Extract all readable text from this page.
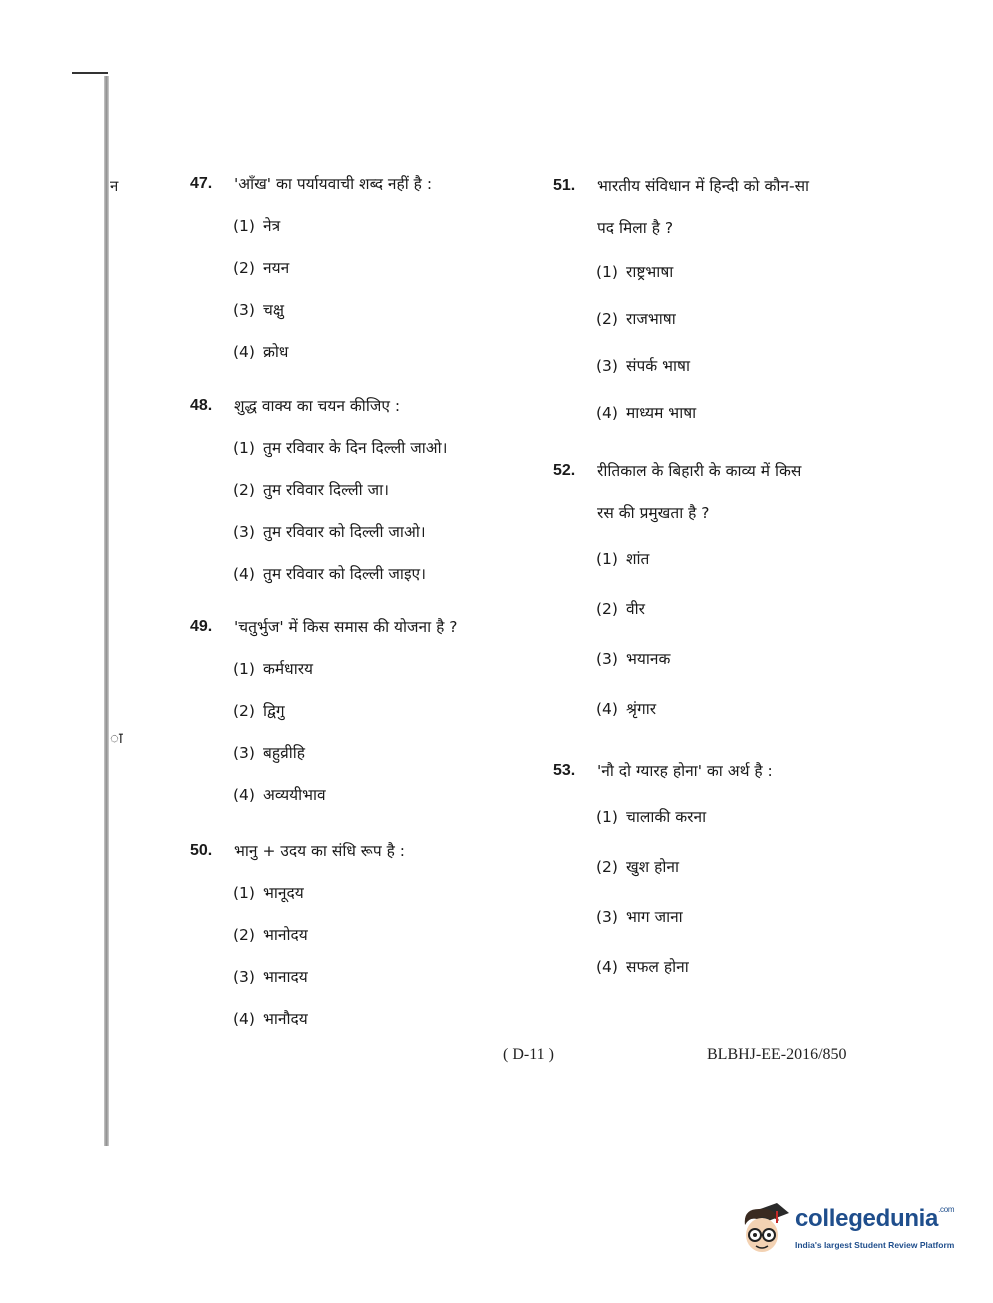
न
ा
47.	'आँख' का पर्यायवाची शब्द नहीं है :
(1) नेत्र
(2) नयन
(3) चक्षु
(4) क्रोध
48.	शुद्ध वाक्य का चयन कीजिए :
(1) तुम रविवार के दिन दिल्ली जाओ।
(2) तुम रविवार दिल्ली जा।
(3) तुम रविवार को दिल्ली जाओ।
(4) तुम रविवार को दिल्ली जाइए।
49.	'चतुर्भुज' में किस समास की योजना है ?
(1) कर्मधारय
(2) द्विगु
(3) बहुव्रीहि
(4) अव्ययीभाव
50.	भानु + उदय का संधि रूप है :
(1) भानूदय
(2) भानोदय
(3) भानादय
(4) भानौदय
51.	भारतीय संविधान में हिन्दी को कौन-सा
पद मिला है ?
(1) राष्ट्रभाषा
(2) राजभाषा
(3) संपर्क भाषा
(4) माध्यम भाषा
52.	रीतिकाल के बिहारी के काव्य में किस
रस की प्रमुखता है ?
(1) शांत
(2) वीर
(3) भयानक
(4) श्रृंगार
53.	'नौ दो ग्यारह होना' का अर्थ है :
(1) चालाकी करना
(2) खुश होना
(3) भाग जाना
(4) सफल होना
( D-11 )	BLBHJ-EE-2016/850
collegedunia$^{.com}$
India's largest Student Review Platform
